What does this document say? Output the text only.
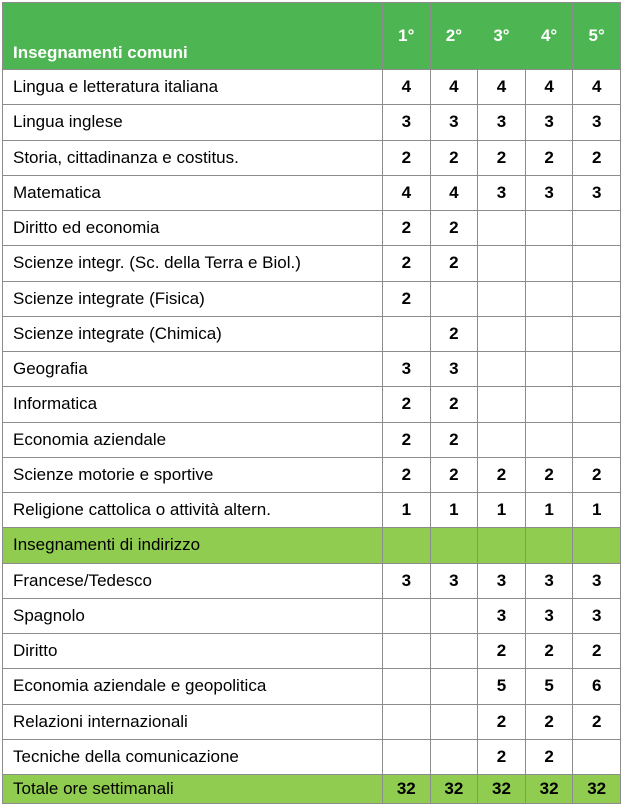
Insegnamenti comuni	1°	2°	3°	4°	5°
Lingua e letteratura italiana	4	4	4	4	4
Lingua inglese	3	3	3	3	3
Storia, cittadinanza e costitus.	2	2	2	2	2
Matematica	4	4	3	3	3
Diritto ed economia	2	2			
Scienze integr. (Sc. della Terra e Biol.)	2	2			
Scienze integrate (Fisica)	2				
Scienze integrate (Chimica)		2			
Geografia	3	3			
Informatica	2	2			
Economia aziendale	2	2			
Scienze motorie e sportive	2	2	2	2	2
Religione cattolica o attività altern.	1	1	1	1	1
Insegnamenti di indirizzo					
Francese/Tedesco	3	3	3	3	3
Spagnolo			3	3	3
Diritto			2	2	2
Economia aziendale e geopolitica			5	5	6
Relazioni internazionali			2	2	2
Tecniche della comunicazione			2	2	
Totale ore settimanali	32	32	32	32	32
